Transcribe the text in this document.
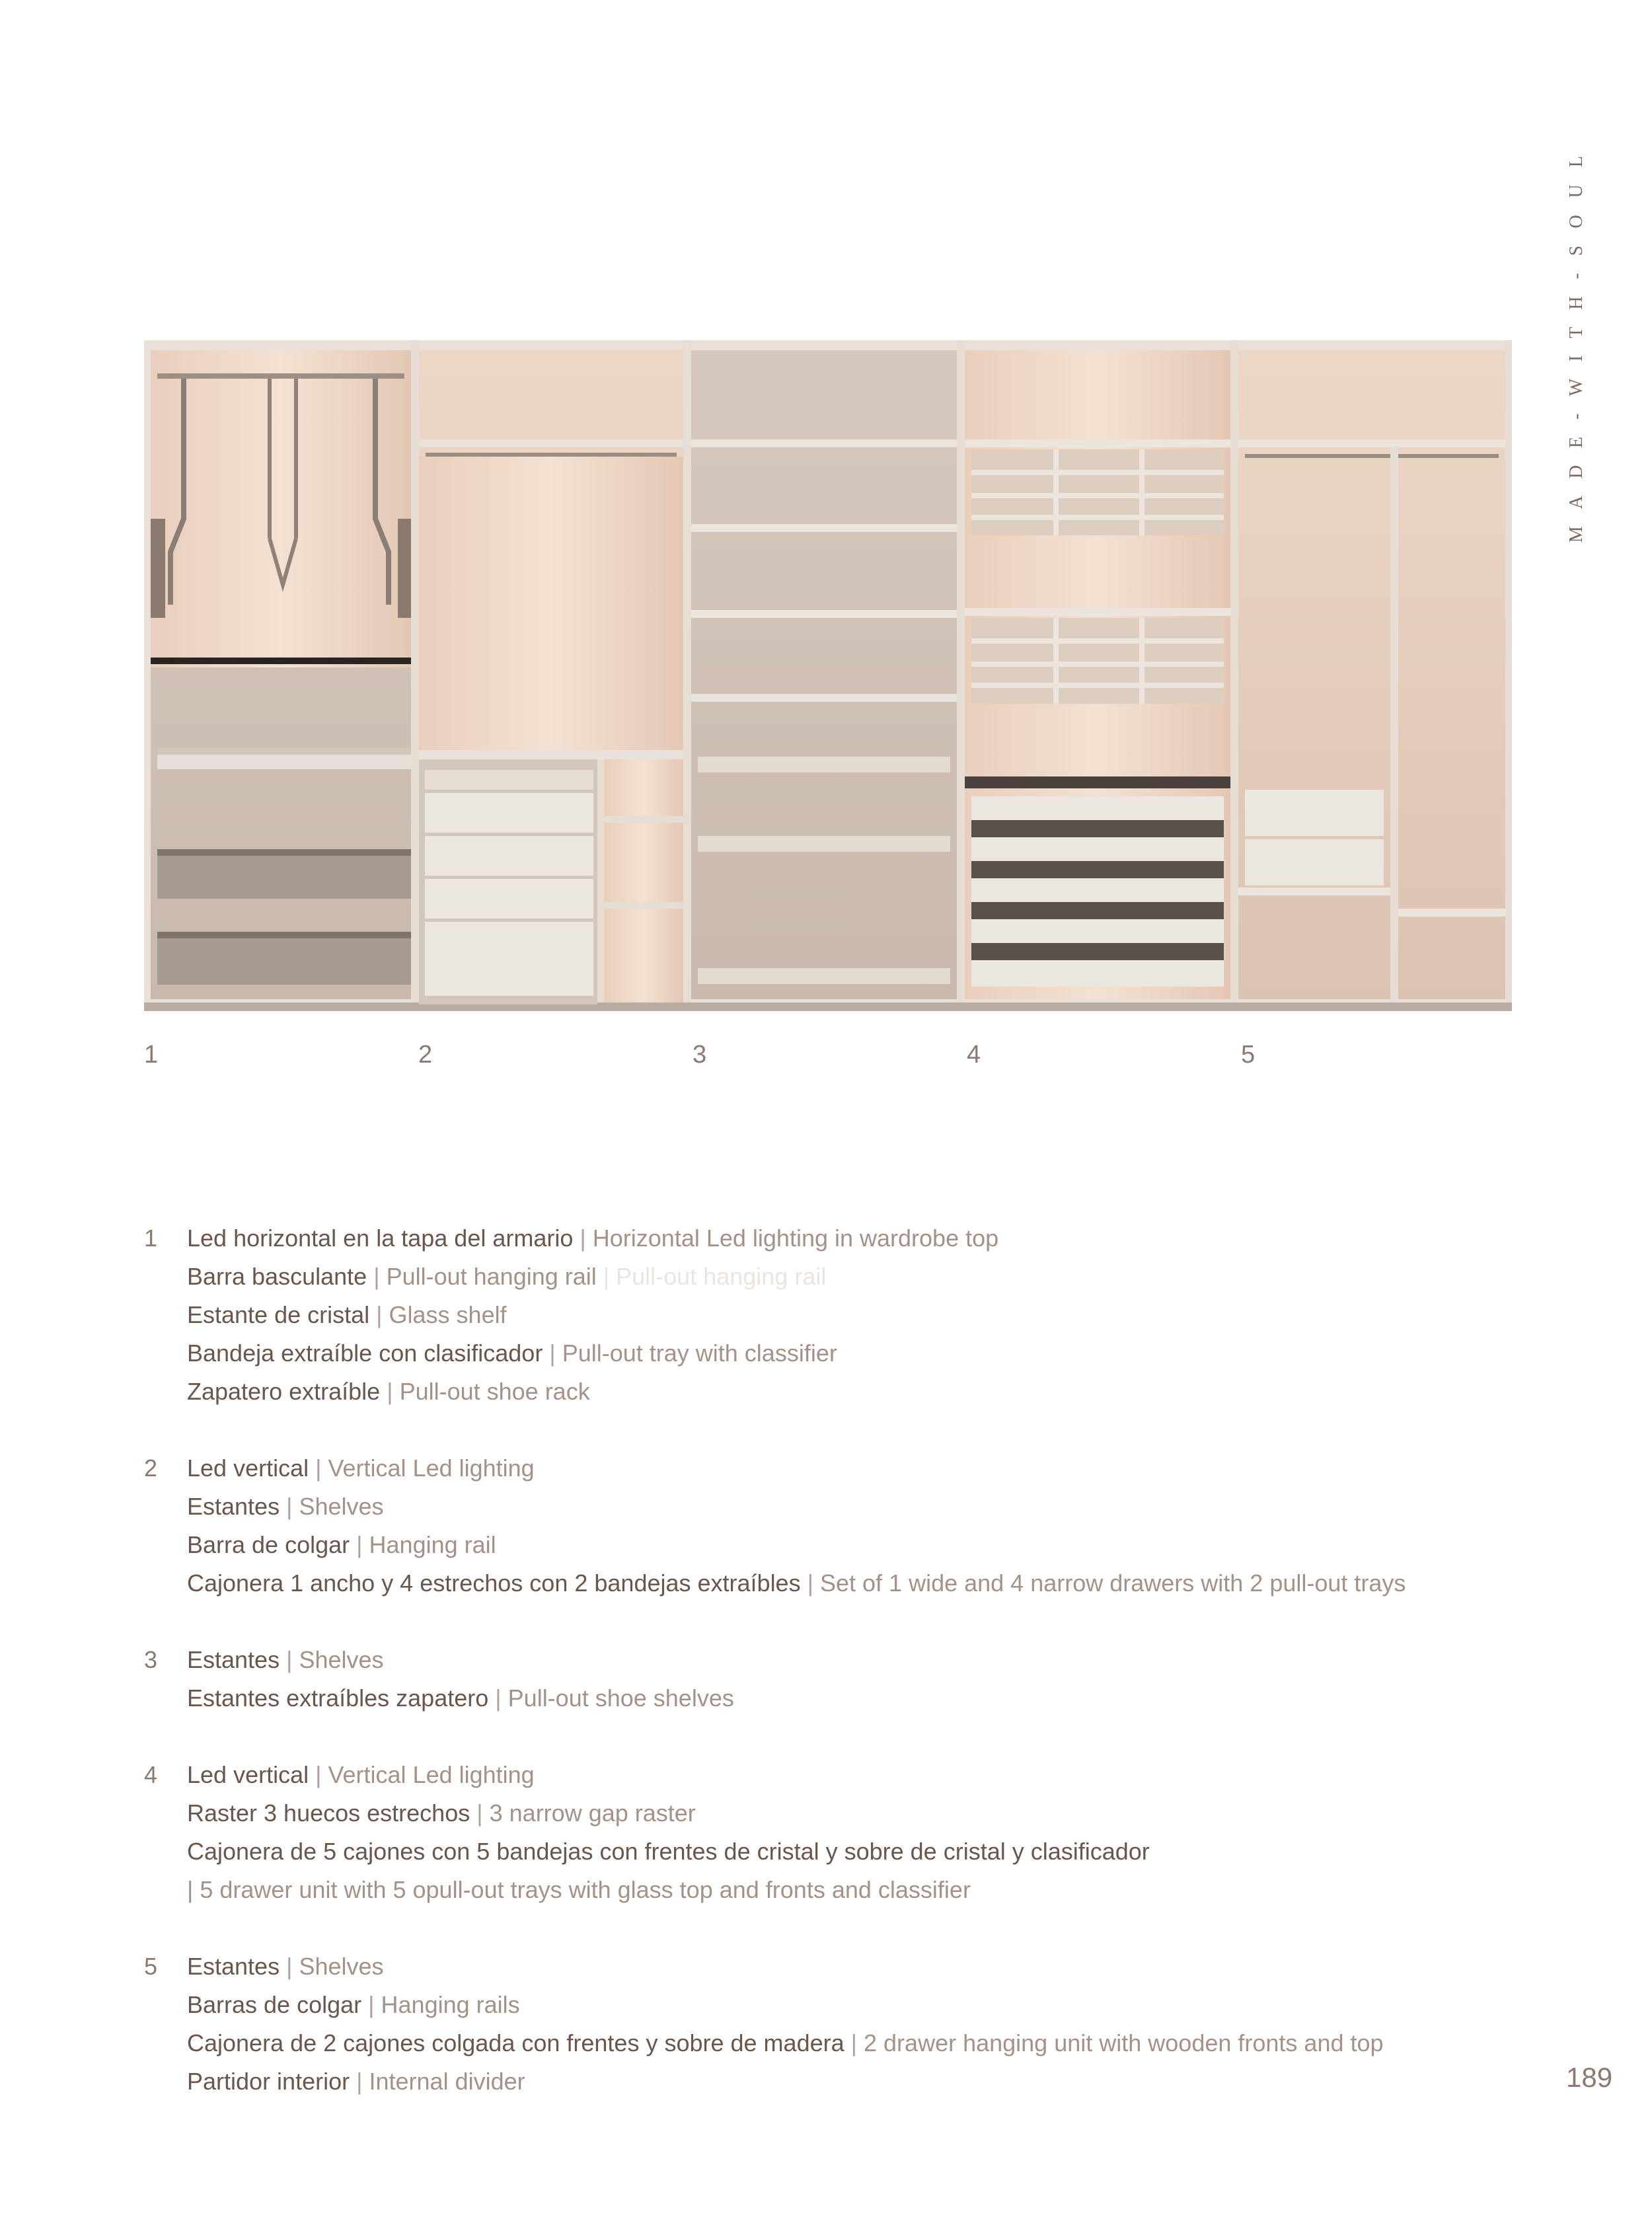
MADE-WITH-SOUL
1	2	3	4	5
1	Led horizontal en la tapa del armario | Horizontal Led lighting in wardrobe top
Barra basculante | Pull-out hanging rail | Pull-out hanging rail
Estante de cristal | Glass shelf
Bandeja extraíble con clasificador | Pull-out tray with classifier
Zapatero extraíble | Pull-out shoe rack
2	Led vertical | Vertical Led lighting
Estantes | Shelves
Barra de colgar | Hanging rail
Cajonera 1 ancho y 4 estrechos con 2 bandejas extraíbles | Set of 1 wide and 4 narrow drawers with 2 pull-out trays
3	Estantes | Shelves
Estantes extraíbles zapatero | Pull-out shoe shelves
4	Led vertical | Vertical Led lighting
Raster 3 huecos estrechos | 3 narrow gap raster
Cajonera de 5 cajones con 5 bandejas con frentes de cristal y sobre de cristal y clasificador
| 5 drawer unit with 5 opull-out trays with glass top and fronts and classifier
5	Estantes | Shelves
Barras de colgar | Hanging rails
Cajonera de 2 cajones colgada con frentes y sobre de madera | 2 drawer hanging unit with wooden fronts and top
Partidor interior | Internal divider	189
